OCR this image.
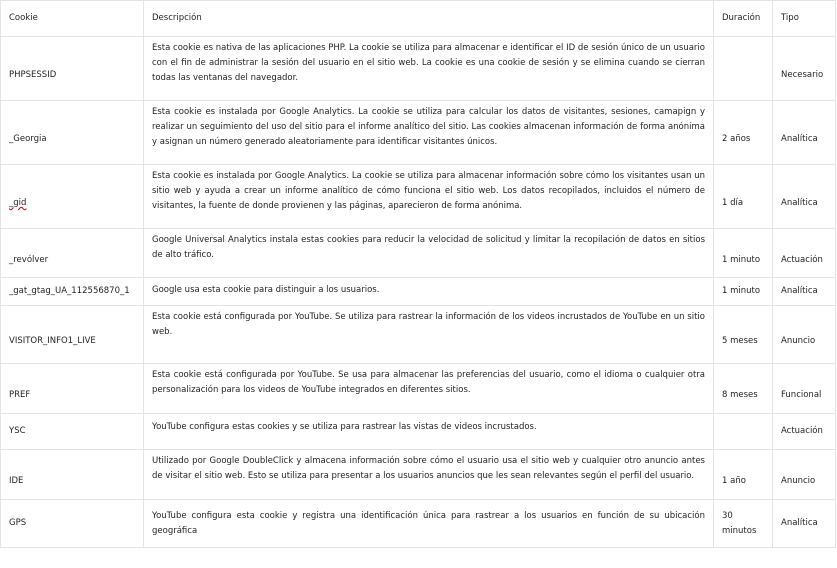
Cookie	Descripción	Duración	Tipo
PHPSESSID	Esta cookie es nativa de las aplicaciones PHP. La cookie se utiliza para almacenar e identificar el ID de sesión único de un usuario con el fin de administrar la sesión del usuario en el sitio web. La cookie es una cookie de sesión y se elimina cuando se cierran todas las ventanas del navegador.		Necesario
_Georgia	Esta cookie es instalada por Google Analytics. La cookie se utiliza para calcular los datos de visitantes, sesiones, camapign y realizar un seguimiento del uso del sitio para el informe analítico del sitio. Las cookies almacenan información de forma anónima y asignan un número generado aleatoriamente para identificar visitantes únicos.	2 años	Analítica
_gid	Esta cookie es instalada por Google Analytics. La cookie se utiliza para almacenar información sobre cómo los visitantes usan un sitio web y ayuda a crear un informe analítico de cómo funciona el sitio web. Los datos recopilados, incluidos el número de visitantes, la fuente de donde provienen y las páginas, aparecieron de forma anónima.	1 día	Analítica
_revólver	Google Universal Analytics instala estas cookies para reducir la velocidad de solicitud y limitar la recopilación de datos en sitios de alto tráfico.	1 minuto	Actuación
_gat_gtag_UA_112556870_1	Google usa esta cookie para distinguir a los usuarios.	1 minuto	Analítica
VISITOR_INFO1_LIVE	Esta cookie está configurada por YouTube. Se utiliza para rastrear la información de los videos incrustados de YouTube en un sitio web.	5 meses	Anuncio
PREF	Esta cookie está configurada por YouTube. Se usa para almacenar las preferencias del usuario, como el idioma o cualquier otra personalización para los videos de YouTube integrados en diferentes sitios.	8 meses	Funcional
YSC	YouTube configura estas cookies y se utiliza para rastrear las vistas de videos incrustados.		Actuación
IDE	Utilizado por Google DoubleClick y almacena información sobre cómo el usuario usa el sitio web y cualquier otro anuncio antes de visitar el sitio web. Esto se utiliza para presentar a los usuarios anuncios que les sean relevantes según el perfil del usuario.	1 año	Anuncio
GPS	YouTube configura esta cookie y registra una identificación única para rastrear a los usuarios en función de su ubicación geográfica	30 minutos	Analítica
